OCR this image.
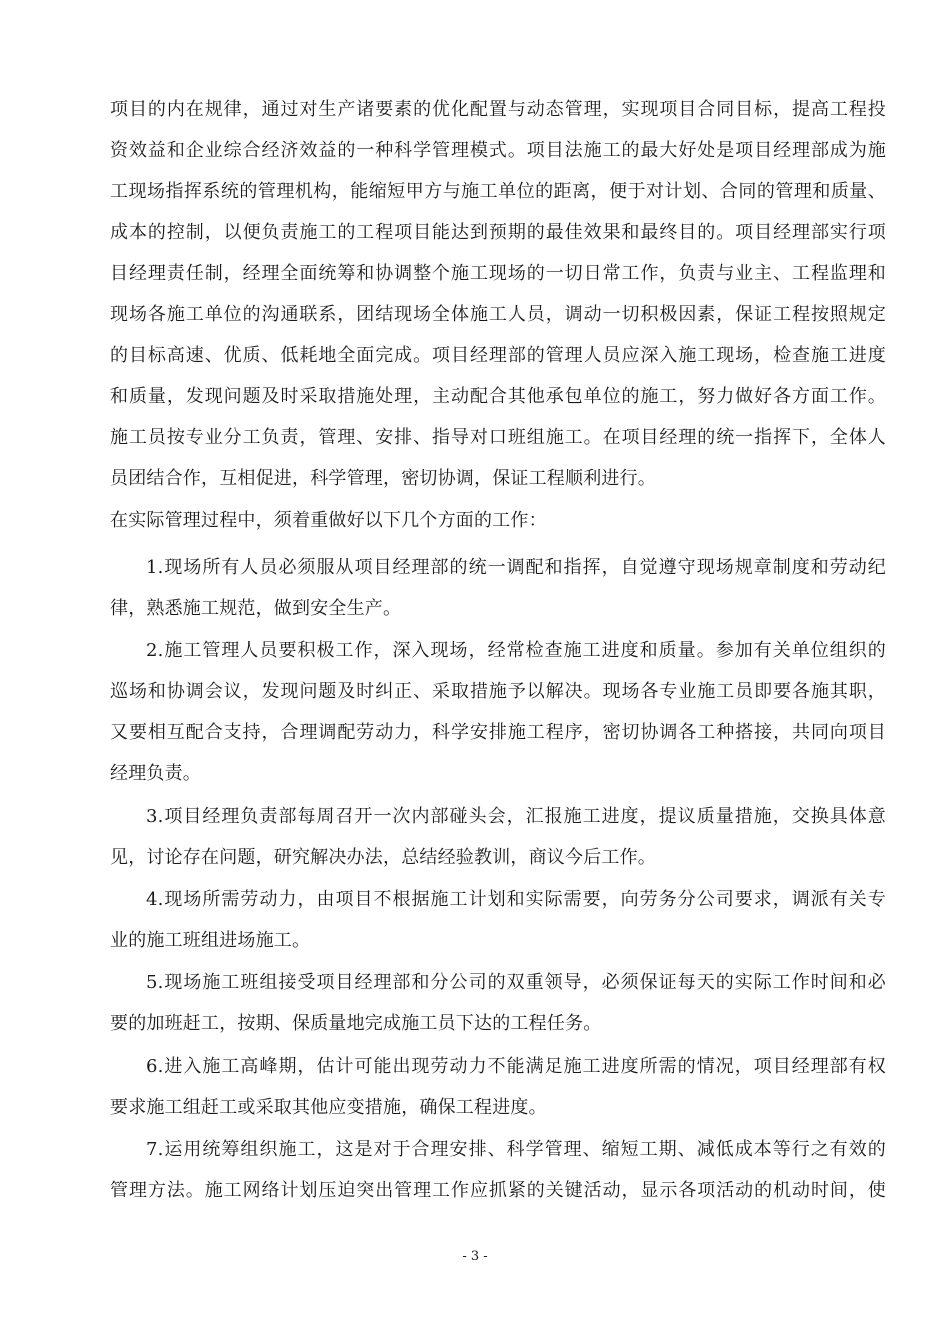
项目的内在规律，通过对生产诸要素的优化配置与动态管理，实现项目合同目标，提高工程投
资效益和企业综合经济效益的一种科学管理模式。项目法施工的最大好处是项目经理部成为施
工现场指挥系统的管理机构，能缩短甲方与施工单位的距离，便于对计划、合同的管理和质量、
成本的控制，以便负责施工的工程项目能达到预期的最佳效果和最终目的。项目经理部实行项
目经理责任制，经理全面统筹和协调整个施工现场的一切日常工作，负责与业主、工程监理和
现场各施工单位的沟通联系，团结现场全体施工人员，调动一切积极因素，保证工程按照规定
的目标高速、优质、低耗地全面完成。项目经理部的管理人员应深入施工现场，检查施工进度
和质量，发现问题及时采取措施处理，主动配合其他承包单位的施工，努力做好各方面工作。
施工员按专业分工负责，管理、安排、指导对口班组施工。在项目经理的统一指挥下，全体人
员团结合作，互相促进，科学管理，密切协调，保证工程顺利进行。
在实际管理过程中，须着重做好以下几个方面的工作：
1.现场所有人员必须服从项目经理部的统一调配和指挥，自觉遵守现场规章制度和劳动纪
律，熟悉施工规范，做到安全生产。
2.施工管理人员要积极工作，深入现场，经常检查施工进度和质量。参加有关单位组织的
巡场和协调会议，发现问题及时纠正、采取措施予以解决。现场各专业施工员即要各施其职，
又要相互配合支持，合理调配劳动力，科学安排施工程序，密切协调各工种搭接，共同向项目
经理负责。
3.项目经理负责部每周召开一次内部碰头会，汇报施工进度，提议质量措施，交换具体意
见，讨论存在问题，研究解决办法，总结经验教训，商议今后工作。
4.现场所需劳动力，由项目不根据施工计划和实际需要，向劳务分公司要求，调派有关专
业的施工班组进场施工。
5.现场施工班组接受项目经理部和分公司的双重领导，必须保证每天的实际工作时间和必
要的加班赶工，按期、保质量地完成施工员下达的工程任务。
6.进入施工高峰期，估计可能出现劳动力不能满足施工进度所需的情况，项目经理部有权
要求施工组赶工或采取其他应变措施，确保工程进度。
7.运用统筹组织施工，这是对于合理安排、科学管理、缩短工期、减低成本等行之有效的
管理方法。施工网络计划压迫突出管理工作应抓紧的关键活动，显示各项活动的机动时间，使
- 3 -
